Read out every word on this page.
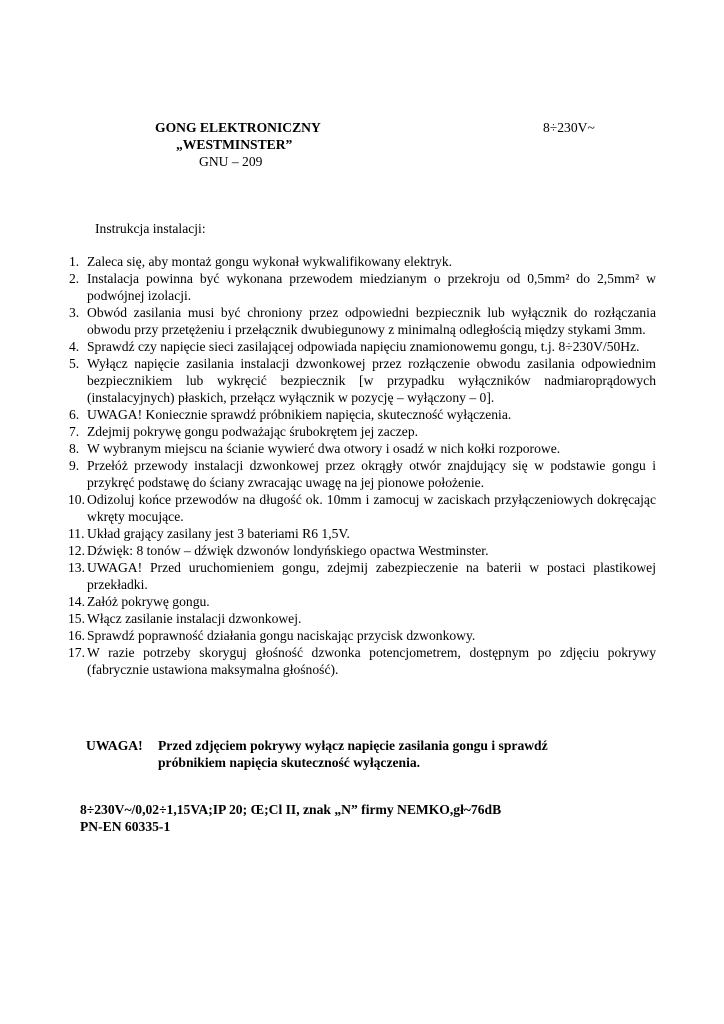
GONG ELEKTRONICZNY	8÷230V~
„WESTMINSTER”
GNU – 209
Instrukcja instalacji:
1. Zaleca się, aby montaż gongu wykonał wykwalifikowany elektryk.
2. Instalacja powinna być wykonana przewodem miedzianym o przekroju od 0,5mm² do 2,5mm² w podwójnej izolacji.
3. Obwód zasilania musi być chroniony przez odpowiedni bezpiecznik lub wyłącznik do rozłączania obwodu przy przetężeniu i przełącznik dwubiegunowy z minimalną odległością między stykami 3mm.
4. Sprawdź czy napięcie sieci zasilającej odpowiada napięciu znamionowemu gongu, t.j. 8÷230V/50Hz.
5. Wyłącz napięcie zasilania instalacji dzwonkowej przez rozłączenie obwodu zasilania odpowiednim bezpiecznikiem lub wykręcić bezpiecznik [w przypadku wyłączników nadmiaroprądowych (instalacyjnych) płaskich, przełącz wyłącznik w pozycję – wyłączony – 0].
6. UWAGA! Koniecznie sprawdź próbnikiem napięcia, skuteczność wyłączenia.
7. Zdejmij pokrywę gongu podważając śrubokrętem jej zaczep.
8. W wybranym miejscu na ścianie wywierć dwa otwory i osadź w nich kołki rozporowe.
9. Przełóż przewody instalacji dzwonkowej przez okrągły otwór znajdujący się w podstawie gongu i przykręć podstawę do ściany zwracając uwagę na jej pionowe położenie.
10. Odizoluj końce przewodów na długość ok. 10mm i zamocuj w zaciskach przyłączeniowych dokręcając wkręty mocujące.
11. Układ grający zasilany jest 3 bateriami R6 1,5V.
12. Dźwięk: 8 tonów – dźwięk dzwonów londyńskiego opactwa Westminster.
13. UWAGA! Przed uruchomieniem gongu, zdejmij zabezpieczenie na baterii w postaci plastikowej przekładki.
14. Załóż pokrywę gongu.
15. Włącz zasilanie instalacji dzwonkowej.
16. Sprawdź poprawność działania gongu naciskając przycisk dzwonkowy.
17. W razie potrzeby skoryguj głośność dzwonka potencjometrem, dostępnym po zdjęciu pokrywy (fabrycznie ustawiona maksymalna głośność).
UWAGA! Przed zdjęciem pokrywy wyłącz napięcie zasilania gongu i sprawdź próbnikiem napięcia skuteczność wyłączenia.
8÷230V~/0,02÷1,15VA;IP 20; Œ;Cl II, znak „N” firmy NEMKO,gł~76dB
PN-EN 60335-1
